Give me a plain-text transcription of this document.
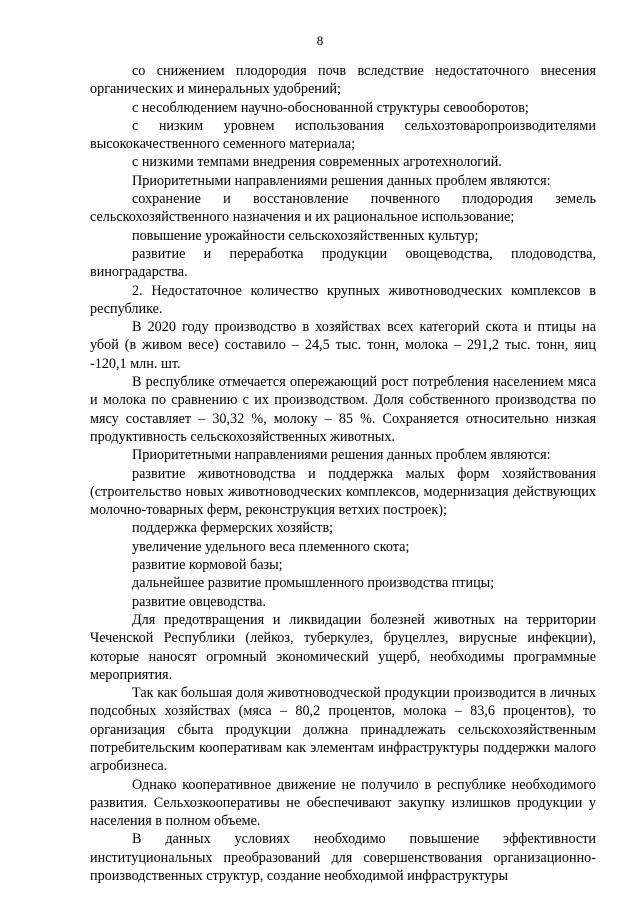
8

со снижением плодородия почв вследствие недостаточного внесения органических и минеральных удобрений;

с несоблюдением научно-обоснованной структуры севооборотов;

с низким уровнем использования сельхозтоваропроизводителями высококачественного семенного материала;

с низкими темпами внедрения современных агротехнологий.

Приоритетными направлениями решения данных проблем являются:

сохранение и восстановление почвенного плодородия земель сельскохозяйственного назначения и их рациональное использование;

повышение урожайности сельскохозяйственных культур;

развитие и переработка продукции овощеводства, плодоводства, виноградарства.

2. Недостаточное количество крупных животноводческих комплексов в республике.

В 2020 году производство в хозяйствах всех категорий скота и птицы на убой (в живом весе) составило – 24,5 тыс. тонн, молока – 291,2 тыс. тонн, яиц -120,1 млн. шт.

В республике отмечается опережающий рост потребления населением мяса и молока по сравнению с их производством. Доля собственного производства по мясу составляет – 30,32 %, молоку – 85 %. Сохраняется относительно низкая продуктивность сельскохозяйственных животных.

Приоритетными направлениями решения данных проблем являются:

развитие животноводства и поддержка малых форм хозяйствования (строительство новых животноводческих комплексов, модернизация действующих молочно-товарных ферм, реконструкция ветхих построек);

поддержка фермерских хозяйств;

увеличение удельного веса племенного скота;

развитие кормовой базы;

дальнейшее развитие промышленного производства птицы;

развитие овцеводства.

Для предотвращения и ликвидации болезней животных на территории Чеченской Республики (лейкоз, туберкулез, бруцеллез, вирусные инфекции), которые наносят огромный экономический ущерб, необходимы программные мероприятия.

Так как большая доля животноводческой продукции производится в личных подсобных хозяйствах (мяса – 80,2 процентов, молока – 83,6 процентов), то организация сбыта продукции должна принадлежать сельскохозяйственным потребительским кооперативам как элементам инфраструктуры поддержки малого агробизнеса.

Однако кооперативное движение не получило в республике необходимого развития. Сельхозкооперативы не обеспечивают закупку излишков продукции у населения в полном объеме.

В данных условиях необходимо повышение эффективности институциональных преобразований для совершенствования организационно-производственных структур, создание необходимой инфраструктуры
